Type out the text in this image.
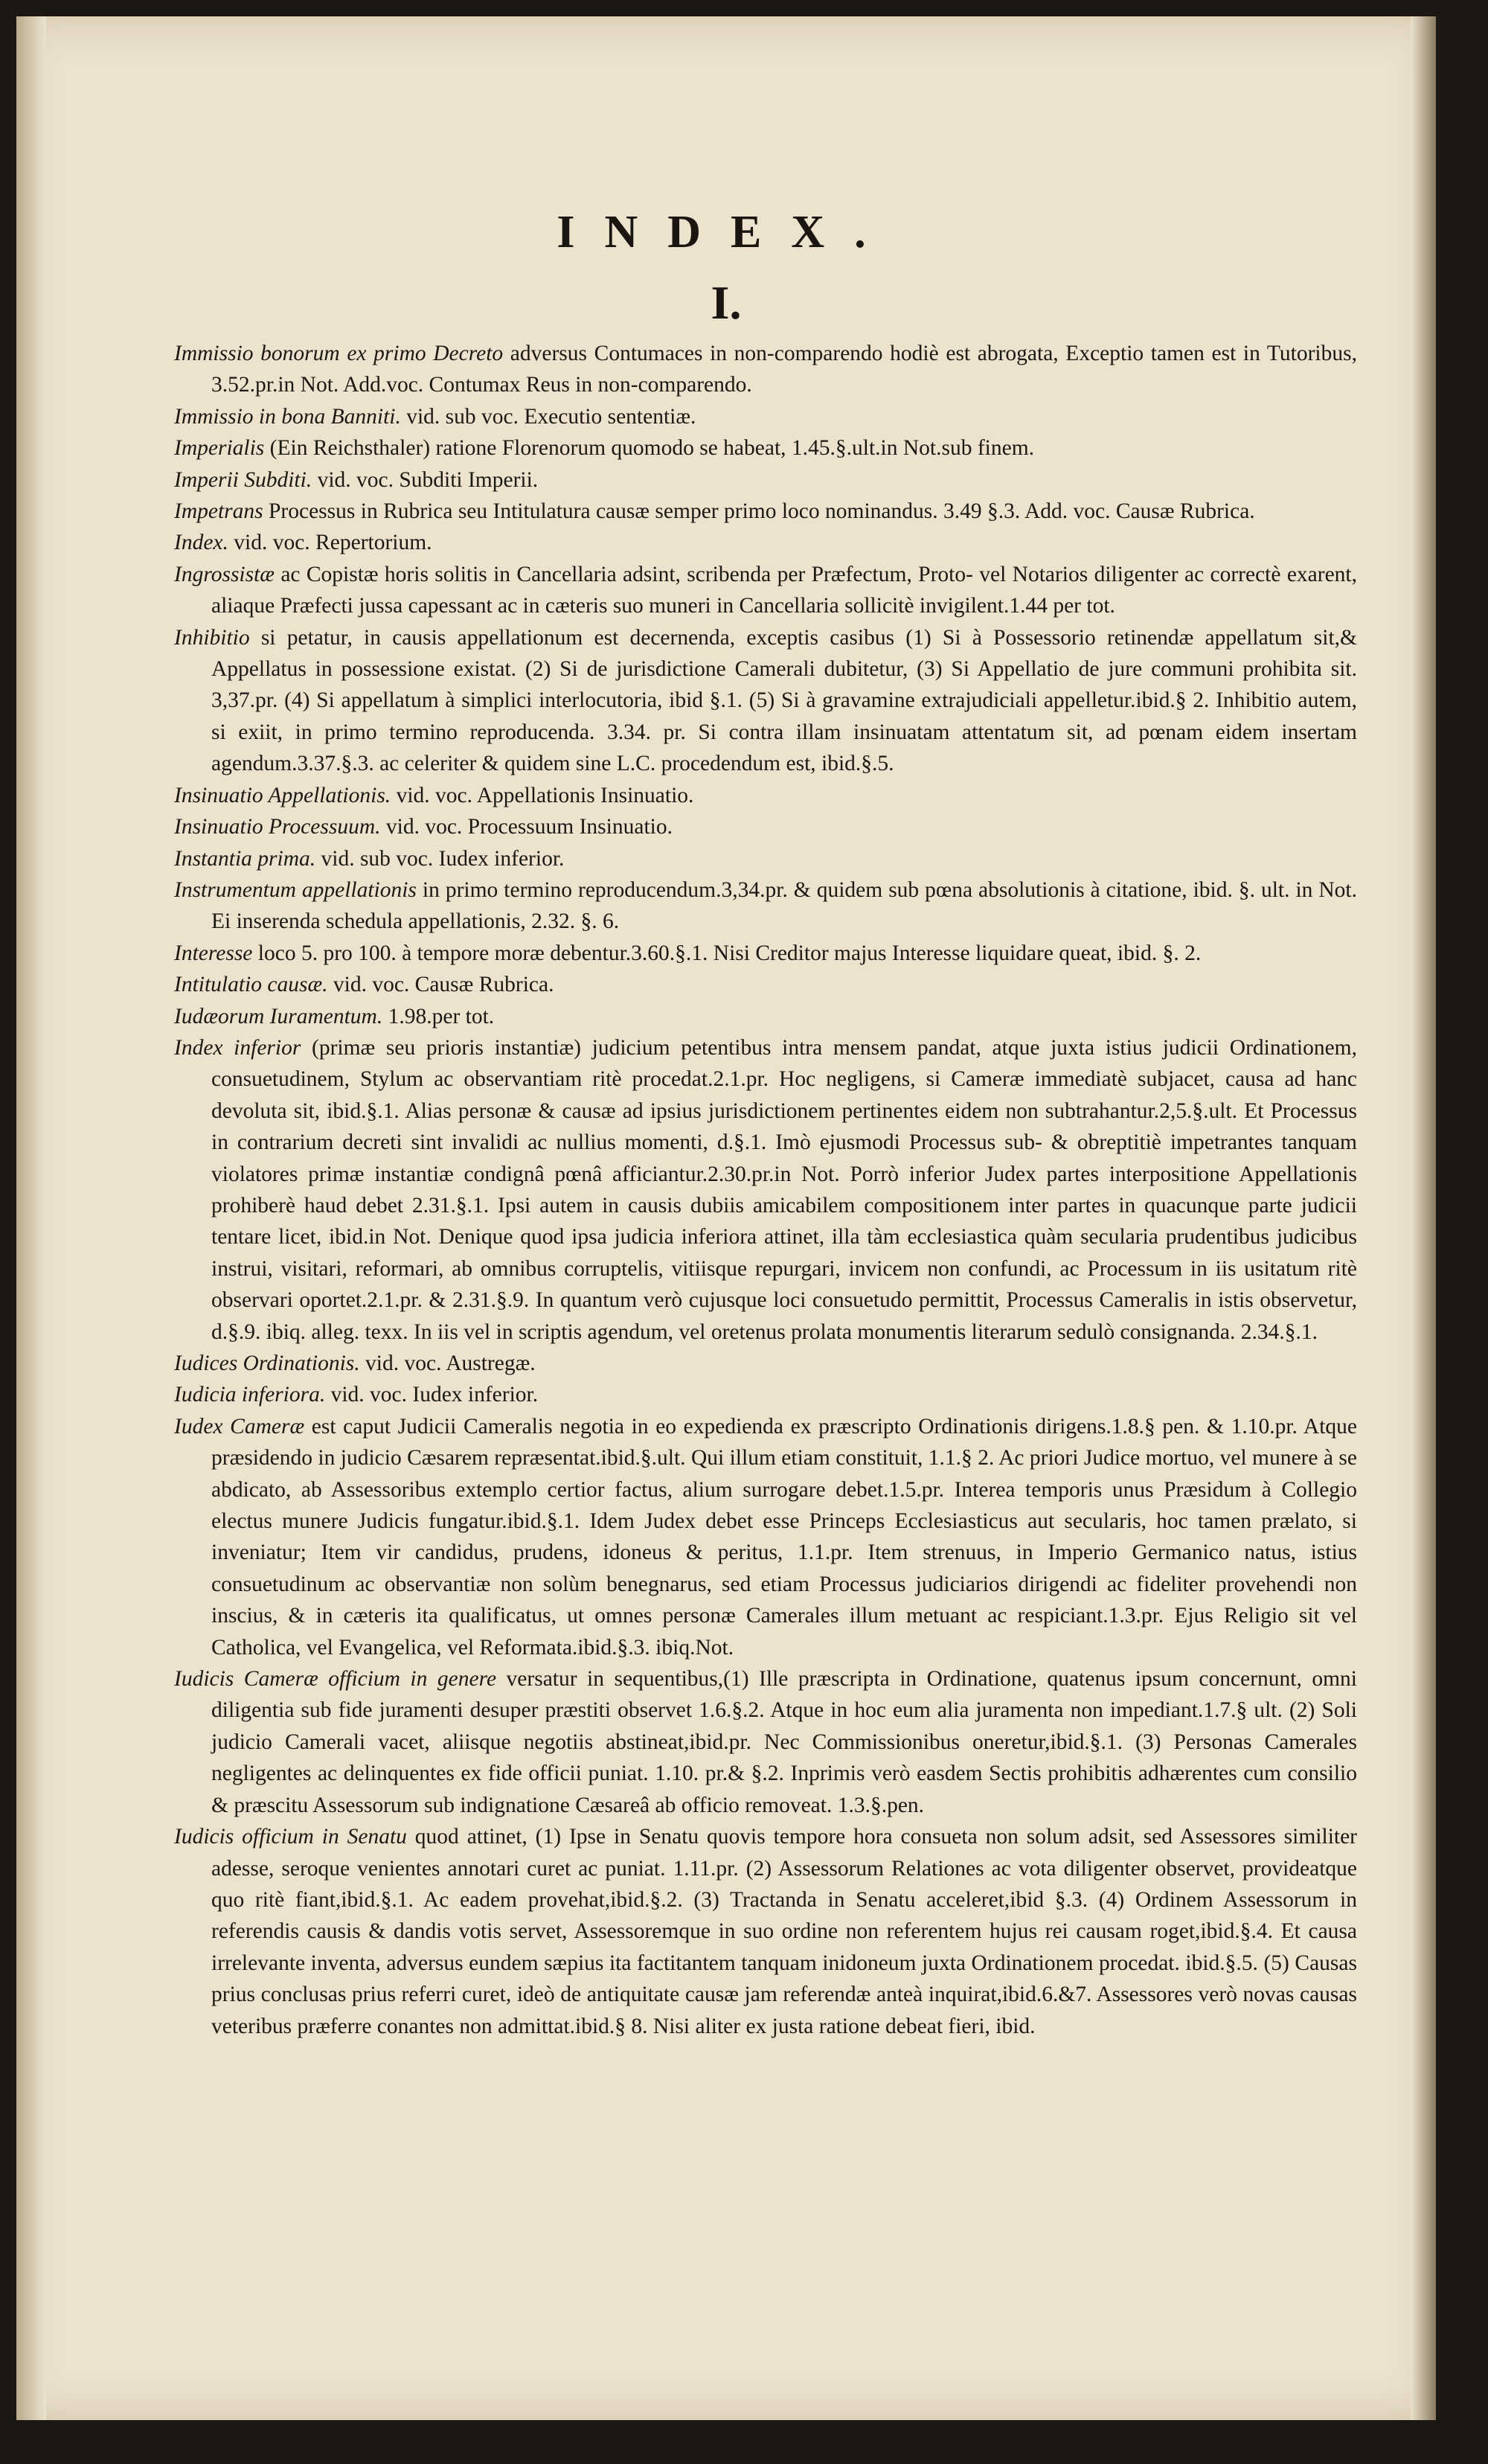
INDEX.
I.

Immissio bonorum ex primo Decreto adversus Contumaces in non-comparendo hodiè est abrogata, Exceptio tamen est in Tutoribus, 3.52.pr.in Not. Add.voc. Contumax Reus in non-comparendo.

Immissio in bona Banniti. vid. sub voc. Executio sententiæ.

Imperialis (Ein Reichsthaler) ratione Florenorum quomodo se habeat, 1.45.§.ult.in Not.sub finem.

Imperii Subditi. vid. voc. Subditi Imperii.

Impetrans Processus in Rubrica seu Intitulatura causæ semper primo loco nominandus. 3.49 §.3. Add. voc. Causæ Rubrica.

Index. vid. voc. Repertorium.

Ingrossistæ ac Copistæ horis solitis in Cancellaria adsint, scribenda per Præfectum, Proto- vel Notarios diligenter ac correctè exarent, aliaque Præfecti jussa capessant ac in cæteris suo muneri in Cancellaria sollicitè invigilent.1.44 per tot.

Inhibitio si petatur, in causis appellationum est decernenda, exceptis casibus (1) Si à Possessorio retinendæ appellatum sit,& Appellatus in possessione existat. (2) Si de jurisdictione Camerali dubitetur, (3) Si Appellatio de jure communi prohibita sit. 3,37.pr. (4) Si appellatum à simplici interlocutoria, ibid §.1. (5) Si à gravamine extrajudiciali appelletur.ibid.§ 2. Inhibitio autem, si exiit, in primo termino reproducenda. 3.34. pr. Si contra illam insinuatam attentatum sit, ad pœnam eidem insertam agendum.3.37.§.3. ac celeriter & quidem sine L.C. procedendum est, ibid.§.5.

Insinuatio Appellationis. vid. voc. Appellationis Insinuatio.

Insinuatio Processuum. vid. voc. Processuum Insinuatio.

Instantia prima. vid. sub voc. Iudex inferior.

Instrumentum appellationis in primo termino reproducendum.3,34.pr. & quidem sub pœna absolutionis à citatione, ibid. §. ult. in Not. Ei inserenda schedula appellationis, 2.32. §. 6.

Interesse loco 5. pro 100. à tempore moræ debentur.3.60.§.1. Nisi Creditor majus Interesse liquidare queat, ibid. §. 2.

Intitulatio causæ. vid. voc. Causæ Rubrica.

Iudæorum Iuramentum. 1.98.per tot.

Index inferior (primæ seu prioris instantiæ) judicium petentibus intra mensem pandat, atque juxta istius judicii Ordinationem, consuetudinem, Stylum ac observantiam ritè procedat.2.1.pr. Hoc negligens, si Cameræ immediatè subjacet, causa ad hanc devoluta sit, ibid.§.1. Alias personæ & causæ ad ipsius jurisdictionem pertinentes eidem non subtrahantur.2,5.§.ult. Et Processus in contrarium decreti sint invalidi ac nullius momenti, d.§.1. Imò ejusmodi Processus sub- & obreptitiè impetrantes tanquam violatores primæ instantiæ condignâ pœnâ afficiantur.2.30.pr.in Not. Porrò inferior Judex partes interpositione Appellationis prohiberè haud debet 2.31.§.1. Ipsi autem in causis dubiis amicabilem compositionem inter partes in quacunque parte judicii tentare licet, ibid.in Not. Denique quod ipsa judicia inferiora attinet, illa tàm ecclesiastica quàm secularia prudentibus judicibus instrui, visitari, reformari, ab omnibus corruptelis, vitiisque repurgari, invicem non confundi, ac Processum in iis usitatum ritè observari oportet.2.1.pr. & 2.31.§.9. In quantum verò cujusque loci consuetudo permittit, Processus Cameralis in istis observetur, d.§.9. ibiq. alleg. texx. In iis vel in scriptis agendum, vel oretenus prolata monumentis literarum sedulò consignanda. 2.34.§.1.

Iudices Ordinationis. vid. voc. Austregæ.

Iudicia inferiora. vid. voc. Iudex inferior.

Iudex Cameræ est caput Judicii Cameralis negotia in eo expedienda ex præscripto Ordinationis dirigens.1.8.§ pen. & 1.10.pr. Atque præsidendo in judicio Cæsarem repræsentat.ibid.§.ult. Qui illum etiam constituit, 1.1.§ 2. Ac priori Judice mortuo, vel munere à se abdicato, ab Assessoribus extemplo certior factus, alium surrogare debet.1.5.pr. Interea temporis unus Præsidum à Collegio electus munere Judicis fungatur.ibid.§.1. Idem Judex debet esse Princeps Ecclesiasticus aut secularis, hoc tamen prælato, si inveniatur; Item vir candidus, prudens, idoneus & peritus, 1.1.pr. Item strenuus, in Imperio Germanico natus, istius consuetudinum ac observantiæ non solùm benegnarus, sed etiam Processus judiciarios dirigendi ac fideliter provehendi non inscius, & in cæteris ita qualificatus, ut omnes personæ Camerales illum metuant ac respiciant.1.3.pr. Ejus Religio sit vel Catholica, vel Evangelica, vel Reformata.ibid.§.3. ibiq.Not.

Iudicis Cameræ officium in genere versatur in sequentibus,(1) Ille præscripta in Ordinatione, quatenus ipsum concernunt, omni diligentia sub fide juramenti desuper præstiti observet 1.6.§.2. Atque in hoc eum alia juramenta non impediant.1.7.§ ult. (2) Soli judicio Camerali vacet, aliisque negotiis abstineat,ibid.pr. Nec Commissionibus oneretur,ibid.§.1. (3) Personas Camerales negligentes ac delinquentes ex fide officii puniat. 1.10. pr.& §.2. Inprimis verò easdem Sectis prohibitis adhærentes cum consilio & præscitu Assessorum sub indignatione Cæsareâ ab officio removeat. 1.3.§.pen.

Iudicis officium in Senatu quod attinet, (1) Ipse in Senatu quovis tempore hora consueta non solum adsit, sed Assessores similiter adesse, seroque venientes annotari curet ac puniat. 1.11.pr. (2) Assessorum Relationes ac vota diligenter observet, provideatque quo ritè fiant,ibid.§.1. Ac eadem provehat,ibid.§.2. (3) Tractanda in Senatu acceleret,ibid §.3. (4) Ordinem Assessorum in referendis causis & dandis votis servet, Assessoremque in suo ordine non referentem hujus rei causam roget,ibid.§.4. Et causa irrelevante inventa, adversus eundem sæpius ita factitantem tanquam inidoneum juxta Ordinationem procedat. ibid.§.5. (5) Causas prius conclusas prius referri curet, ideò de antiquitate causæ jam referendæ anteà inquirat,ibid.6.&7. Assessores verò novas causas veteribus præferre conantes non admittat.ibid.§ 8. Nisi aliter ex justa ratione debeat fieri, ibid.
